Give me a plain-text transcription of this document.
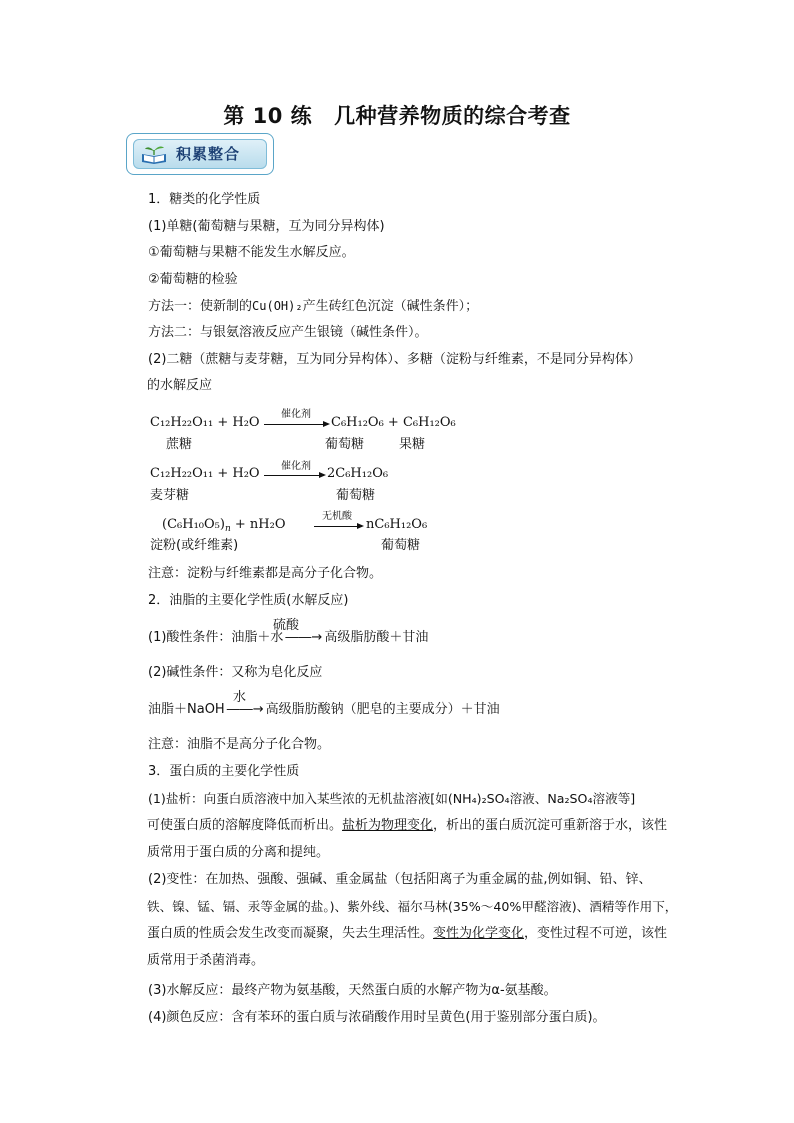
第 10 练 几种营养物质的综合考查
积累整合
1．糖类的化学性质
(1)单糖(葡萄糖与果糖，互为同分异构体)
①葡萄糖与果糖不能发生水解反应。
②葡萄糖的检验
方法一：使新制的Cu(OH)₂产生砖红色沉淀（碱性条件）；
方法二：与银氨溶液反应产生银镜（碱性条件）。
(2)二糖（蔗糖与麦芽糖，互为同分异构体）、多糖（淀粉与纤维素，不是同分异构体）
的水解反应
C₁₂H₂₂O₁₁ + H₂O
催化剂
C₆H₁₂O₆ + C₆H₁₂O₆
蔗糖	葡萄糖	果糖
C₁₂H₂₂O₁₁ + H₂O 催化剂 2C₆H₁₂O₆
麦芽糖	葡萄糖
$(C_6H_{10}O_5)_n + nH_2O$
无机酸
nC₆H₁₂O₆
淀粉(或纤维素)	葡萄糖
注意：淀粉与纤维素都是高分子化合物。
2．油脂的主要化学性质(水解反应)
硫酸
(1)酸性条件：油脂＋水 ――→ 高级脂肪酸＋甘油
(2)碱性条件：又称为皂化反应
水
油脂＋NaOH ――→ 高级脂肪酸钠（肥皂的主要成分）＋甘油
注意：油脂不是高分子化合物。
3．蛋白质的主要化学性质
(1)盐析：向蛋白质溶液中加入某些浓的无机盐溶液[如(NH₄)₂SO₄溶液、Na₂SO₄溶液等]
可使蛋白质的溶解度降低而析出。盐析为物理变化，析出的蛋白质沉淀可重新溶于水，该性
质常用于蛋白质的分离和提纯。
(2)变性：在加热、强酸、强碱、重金属盐（包括阳离子为重金属的盐,例如铜、铅、锌、
铁、镍、锰、镉、汞等金属的盐。)、紫外线、福尔马林(35%～40%甲醛溶液)、酒精等作用下，
蛋白质的性质会发生改变而凝聚，失去生理活性。变性为化学变化，变性过程不可逆，该性
质常用于杀菌消毒。
(3)水解反应：最终产物为氨基酸，天然蛋白质的水解产物为α-氨基酸。
(4)颜色反应：含有苯环的蛋白质与浓硝酸作用时呈黄色(用于鉴别部分蛋白质)。
